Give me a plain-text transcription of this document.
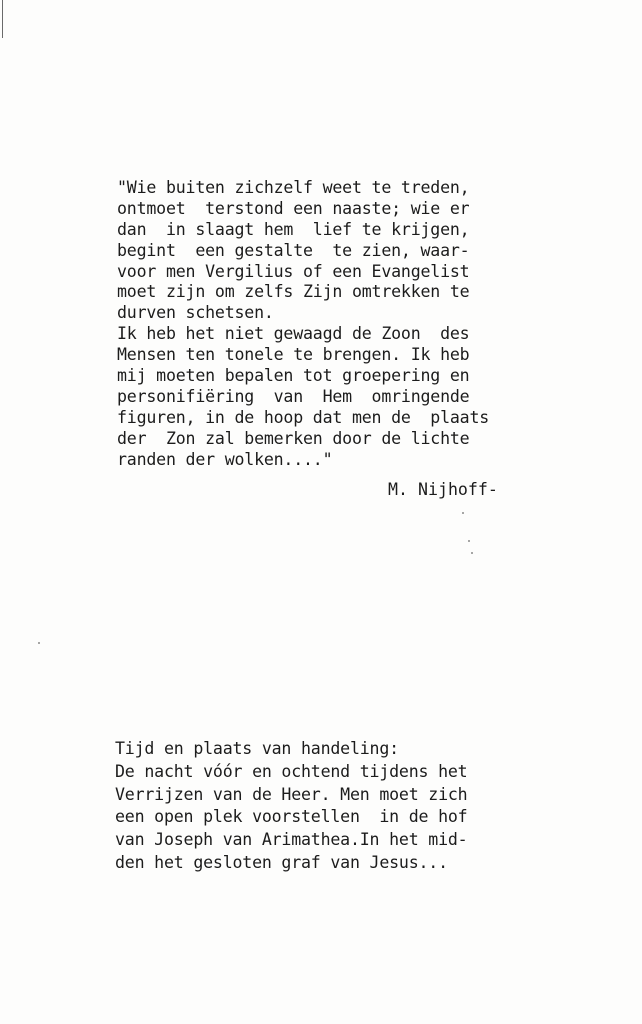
"Wie buiten zichzelf weet te treden,
ontmoet  terstond een naaste; wie er
dan  in slaagt hem  lief te krijgen,
begint  een gestalte  te zien, waar-
voor men Vergilius of een Evangelist
moet zijn om zelfs Zijn omtrekken te
durven schetsen.
Ik heb het niet gewaagd de Zoon  des
Mensen ten tonele te brengen. Ik heb
mij moeten bepalen tot groepering en
personifiëring  van  Hem  omringende
figuren, in de hoop dat men de  plaats
der  Zon zal bemerken door de lichte
randen der wolken...."
M. Nijhoff-
Tijd en plaats van handeling:
De nacht vóór en ochtend tijdens het
Verrijzen van de Heer. Men moet zich
een open plek voorstellen  in de hof
van Joseph van Arimathea.In het mid-
den het gesloten graf van Jesus...
